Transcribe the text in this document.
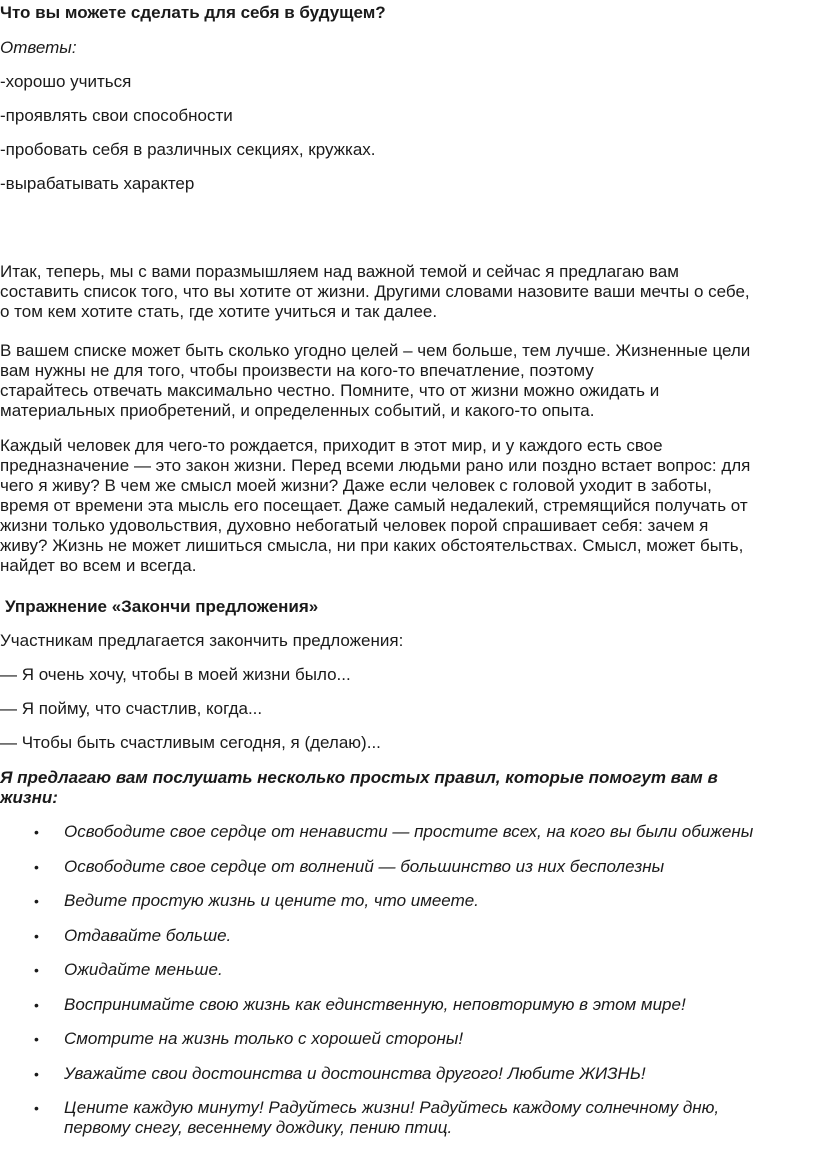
Что вы можете сделать для себя в будущем?
Ответы:
-хорошо учиться
-проявлять свои способности
-пробовать себя в различных секциях, кружках.
-вырабатывать характер
Итак, теперь, мы с вами поразмышляем над важной темой и сейчас я предлагаю вам
составить список того, что вы хотите от жизни. Другими словами назовите ваши мечты о себе,
о том кем хотите стать, где хотите учиться и так далее.
В вашем списке может быть сколько угодно целей – чем больше, тем лучше. Жизненные цели
вам нужны не для того, чтобы произвести на кого-то впечатление, поэтому
старайтесь отвечать максимально честно. Помните, что от жизни можно ожидать и
материальных приобретений, и определенных событий, и какого-то опыта.
Каждый человек для чего-то рождается, приходит в этот мир, и у каждого есть свое
предназначение — это закон жизни. Перед всеми людьми рано или поздно встает вопрос: для
чего я живу? В чем же смысл моей жизни? Даже если человек с головой уходит в заботы,
время от времени эта мысль его посещает. Даже самый недалекий, стремящийся получать от
жизни только удовольствия, духовно небогатый человек порой спрашивает себя: зачем я
живу? Жизнь не может лишиться смысла, ни при каких обстоятельствах. Смысл, может быть,
найдет во всем и всегда.
Упражнение «Закончи предложения»
Участникам предлагается закончить предложения:
— Я очень хочу, чтобы в моей жизни было...
— Я пойму, что счастлив, когда...
— Чтобы быть счастливым сегодня, я (делаю)...
Я предлагаю вам послушать несколько простых правил, которые помогут вам в
жизни:
• Освободите свое сердце от ненависти — простите всех, на кого вы были обижены
• Освободите свое сердце от волнений — большинство из них бесполезны
• Ведите простую жизнь и цените то, что имеете.
• Отдавайте больше.
• Ожидайте меньше.
• Воспринимайте свою жизнь как единственную, неповторимую в этом мире!
• Смотрите на жизнь только с хорошей стороны!
• Уважайте свои достоинства и достоинства другого! Любите ЖИЗНЬ!
• Цените каждую минуту! Радуйтесь жизни! Радуйтесь каждому солнечному дню,
первому снегу, весеннему дождику, пению птиц.
